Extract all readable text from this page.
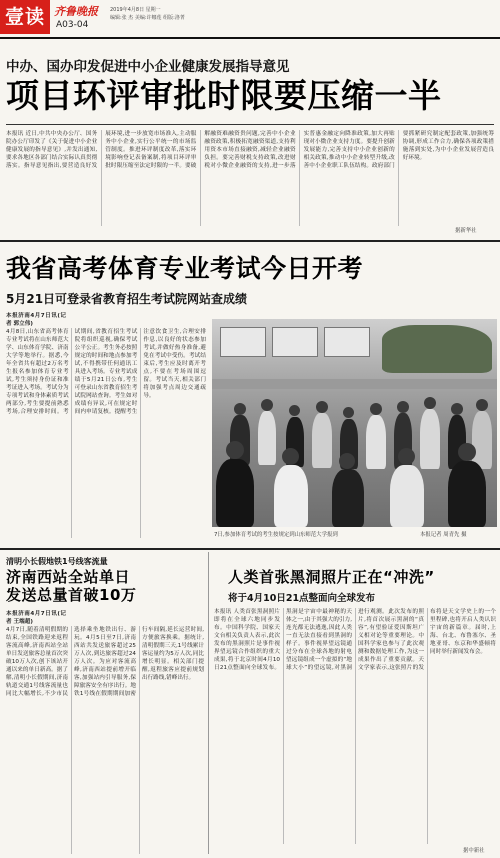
壹读 齐鲁晚报
A03-04
2019年4月8日 星期一
编辑:张 杰 美编:许娜莲 组版:洛菁
中办、国办印发促进中小企业健康发展指导意见
项目环评审批时限要压缩一半
本报讯 近日,中共中央办公厅、国务院办公厅印发了《关于促进中小企业健康发展的指导意见》,并发出通知,要求各地区各部门结合实际认真贯彻落实。指导意见指出,要营造良好发展环境,进一步放宽市场准入,主动服务中小企业,实行公平统一的市场监管制度。推进环评制度改革,落实环境影响登记表备案制,将项目环评审批时限压缩至法定时限的一半。要破解融资难融资贵问题,完善中小企业融资政策,积极拓宽融资渠道,支持利用资本市场直接融资,减轻企业融资负担。要完善财税支持政策,改进财税对小微企业融资的支持,进一步落实普惠金融定向降准政策,加大再贴现对小微企业支持力度。要提升创新发展能力,完善支持中小企业创新的相关政策,推动中小企业转型升级,改善中小企业职工队伍结构。政府部门要抓紧研究制定配套政策,加强统筹协调,形成工作合力,确保各项政策措施落到实处,为中小企业发展营造良好环境。
据新华社
我省高考体育专业考试今日开考
5月21日可登录省教育招生考试院网站查成绩
本报济南4月7日讯(记者 郭立伟)
4月8日,山东省高考体育专业考试将在山东师范大学、山东体育学院、济南大学等地举行。据悉,今年全省共有超过2万名考生报名参加体育专业考试,考生须持身份证和准考证进入考场。考试分为专项考试和身体素质考试两部分,考生要提前熟悉考场,合理安排时间。考试期间,省教育招生考试院将组织巡视,确保考试公平公正。考生务必按照规定的时间和地点参加考试,不得携带任何通讯工具进入考场。专业考试成绩于5月21日公布,考生可登录山东省教育招生考试院网站查询。考生如对成绩有异议,可在规定时间内申请复核。提醒考生注意饮食卫生,合理安排作息,以良好的状态参加考试,并做好热身准备,避免在考试中受伤。考试结束后,考生应及时离开考点,不要在考场周围逗留。考试当天,相关部门将加强考点周边交通疏导。
7日,参加体育考试的考生按规定到山东师范大学报到	本报记者 周青先 摄
清明小长假地铁1号线客流量
济南西站全站单日
发送总量首破10万
本报济南4月7日讯(记者 王端超)
4月7日,随着清明假期的结束,全国铁路迎来返程客流高峰,济南西站全站单日发送旅客总量首次突破10万人次,创下该站开通以来的单日新高。据了解,清明小长假期间,济南轨道交通1号线客流量也同比大幅增长,不少市民选择乘坐地铁出行、游玩。4月5日至7日,济南西站共发送旅客超过25万人次,到达旅客超过24万人次。为应对客流高峰,济南西站提前增开临客,加强站内引导服务,保障旅客安全有序出行。地铁1号线在假期期间加密行车间隔,延长运营时间,方便旅客换乘。据统计,清明假期三天,1号线累计客运量约为5万人次,同比增长明显。相关部门提醒,返程旅客应提前规划出行路线,错峰出行。
人类首张黑洞照片正在“冲洗”
将于4月10日21点整面向全球发布
本报讯 人类首张黑洞照片即将在全球六地同步发布。中国科学院、国家天文台相关负责人表示,此次发布的黑洞照片是事件视界望远镜合作组织的重大成果,将于北京时间4月10日21点整面向全球发布。黑洞是宇宙中最神秘的天体之一,由于其强大的引力,连光都无法逃逸,因此人类一直无法直接看到黑洞的样子。事件视界望远镜通过分布在全球各地的射电望远镜组成一个虚拟的“地球大小”的望远镜,对黑洞进行观测。此次发布的照片,将首次展示黑洞的“真容”,有望验证爱因斯坦广义相对论等重要理论。中国科学家也参与了此次观测和数据处理工作,为这一成果作出了重要贡献。天文学家表示,这张照片的发布将是天文学史上的一个里程碑,也将开启人类认识宇宙的新篇章。届时,上海、台北、布鲁塞尔、圣地亚哥、东京和华盛顿将同时举行新闻发布会。
据中新社
